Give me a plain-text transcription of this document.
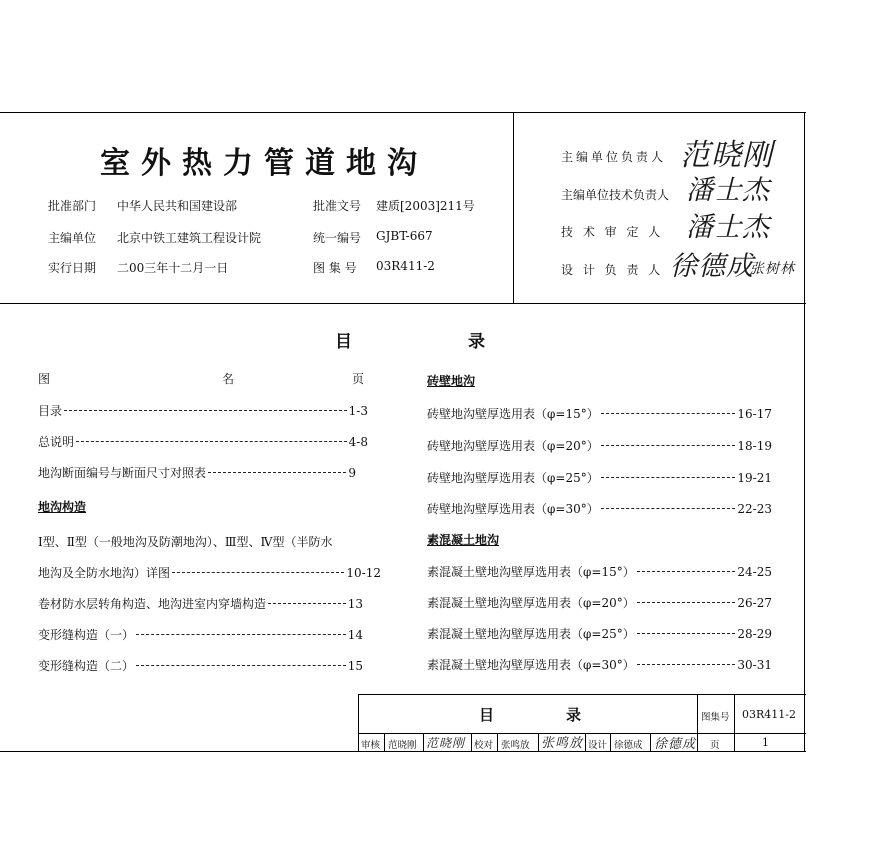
室外热力管道地沟
批准部门 中华人民共和国建设部
主编单位 北京中铁工建筑工程设计院
实行日期 二00三年十二月一日
批准文号 建质[2003]211号
统一编号 GJBT-667
图 集 号 03R411-2
主编单位负责人 范晓刚
主编单位技术负责人 潘士杰
技 术 审 定 人 潘士杰
设 计 负 责 人 徐德成
张树林
目	录
图	名	页
目录	1-3
总说明	4-8
地沟断面编号与断面尺寸对照表	9
地沟构造
Ⅰ型、Ⅱ型（一般地沟及防潮地沟）、Ⅲ型、Ⅳ型（半防水
地沟及全防水地沟）详图	10-12
卷材防水层转角构造、地沟进室内穿墙构造	13
变形缝构造（一）	14
变形缝构造（二）	15
砖壁地沟
砖壁地沟壁厚选用表（φ=15°）	16-17
砖壁地沟壁厚选用表（φ=20°）	18-19
砖壁地沟壁厚选用表（φ=25°）	19-21
砖壁地沟壁厚选用表（φ=30°）	22-23
素混凝土地沟
素混凝土壁地沟壁厚选用表（φ=15°）	24-25
素混凝土壁地沟壁厚选用表（φ=20°）	26-27
素混凝土壁地沟壁厚选用表（φ=25°）	28-29
素混凝土壁地沟壁厚选用表（φ=30°）	30-31
目	录	图集号 03R411-2
审核 范晓刚 范晓刚 校对 张鸣放 张鸣放 设计 徐德成 徐德成 页	1
